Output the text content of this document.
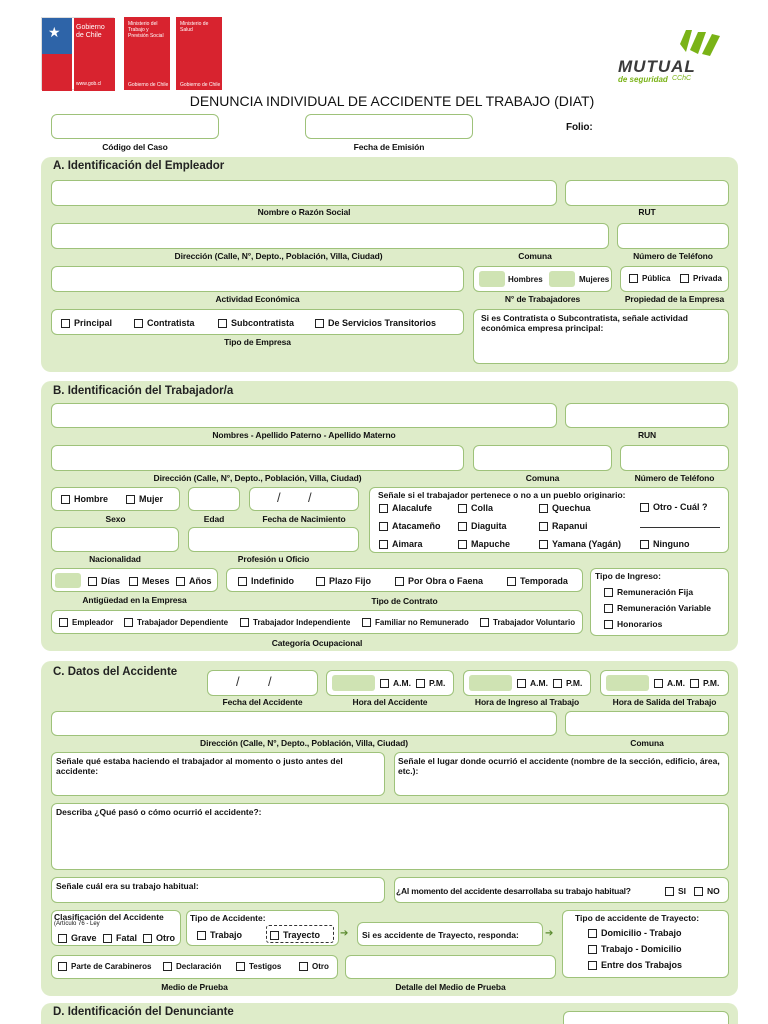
★ Gobierno
de Chile
www.gob.cl
Ministerio del Trabajo y Previsión Social
Gobierno de Chile
Ministerio de Salud
Gobierno de Chile
MUTUAL
de seguridad CChC
DENUNCIA INDIVIDUAL DE ACCIDENTE DEL TRABAJO (DIAT)
Código del Caso	Fecha de Emisión
Folio:
A. Identificación del Empleador
Nombre o Razón Social	RUT
Dirección (Calle, N°, Depto., Población, Villa, Ciudad)	Comuna	Número de Teléfono
Actividad Económica
Hombres	Mujeres
N° de Trabajadores
Pública	Privada
Propiedad de la Empresa
Principal	Contratista	Subcontratista	De Servicios Transitorios
Tipo de Empresa
Si es Contratista o Subcontratista, señale actividad económica empresa principal:
B. Identificación del Trabajador/a
Nombres - Apellido Paterno - Apellido Materno	RUN
Dirección (Calle, N°, Depto., Población, Villa, Ciudad)	Comuna	Número de Teléfono
Hombre	Mujer
Sexo	Edad
/ /
Fecha de Nacimiento
Señale si el trabajador pertenece o no a un pueblo originario:
Alacalufe	Colla	Quechua
Atacameño	Diaguita	Rapanui
Aimara	Mapuche	Yamana (Yagán)
Otro - Cuál ?
Ninguno
Nacionalidad	Profesión u Oficio
Días Meses Años
Antigüedad en la Empresa
Indefinido	Plazo Fijo	Por Obra o Faena	Temporada
Tipo de Contrato
Tipo de Ingreso:
Remuneración Fija
Remuneración Variable
Honorarios
Empleador	Trabajador Dependiente	Trabajador Independiente	Familiar no Remunerado	Trabajador Voluntario
Categoría Ocupacional
C. Datos del Accidente
/ /
Fecha del Accidente
A.M. P.M.
Hora del Accidente
A.M. P.M.
Hora de Ingreso al Trabajo
A.M. P.M.
Hora de Salida del Trabajo
Dirección (Calle, N°, Depto., Población, Villa, Ciudad)	Comuna
Señale qué estaba haciendo el trabajador al momento o justo antes del accidente:
Señale el lugar donde ocurrió el accidente (nombre de la sección, edificio, área, etc.):
Describa ¿Qué pasó o cómo ocurrió el accidente?:
Señale cuál era su trabajo habitual:	¿Al momento del accidente desarrollaba su trabajo habitual?	SI NO
Clasificación del Accidente
(Artículo 76 - Ley
Grave Fatal Otro
Tipo de Accidente:
Trabajo	Trayecto ➔ Si es accidente de Trayecto, responda:	➔
Tipo de accidente de Trayecto:
Domicilio - Trabajo
Trabajo - Domicilio
Entre dos Trabajos
Parte de Carabineros	Declaración	Testigos	Otro
Medio de Prueba	Detalle del Medio de Prueba
D. Identificación del Denunciante
